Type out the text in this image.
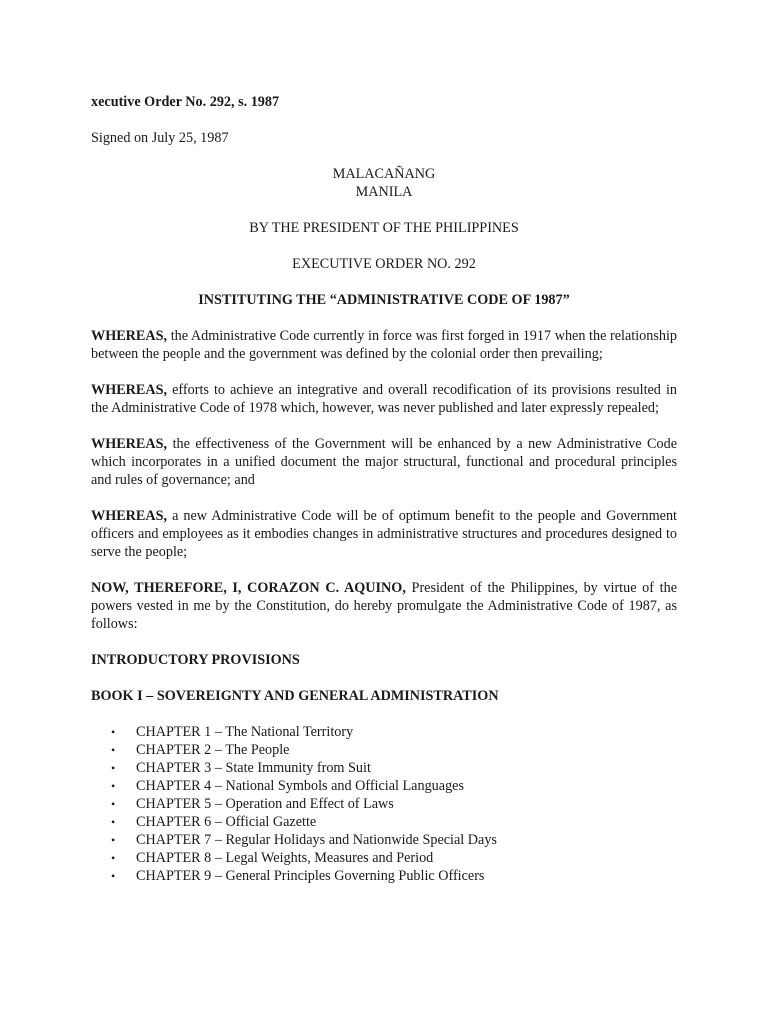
xecutive Order No. 292, s. 1987

Signed on July 25, 1987

MALACAÑANG

MANILA

BY THE PRESIDENT OF THE PHILIPPINES

EXECUTIVE ORDER NO. 292

INSTITUTING THE “ADMINISTRATIVE CODE OF 1987”

WHEREAS, the Administrative Code currently in force was first forged in 1917 when the relationship between the people and the government was defined by the colonial order then prevailing;

WHEREAS, efforts to achieve an integrative and overall recodification of its provisions resulted in the Administrative Code of 1978 which, however, was never published and later expressly repealed;

WHEREAS, the effectiveness of the Government will be enhanced by a new Administrative Code which incorporates in a unified document the major structural, functional and procedural principles and rules of governance; and

WHEREAS, a new Administrative Code will be of optimum benefit to the people and Government officers and employees as it embodies changes in administrative structures and procedures designed to serve the people;

NOW, THEREFORE, I, CORAZON C. AQUINO, President of the Philippines, by virtue of the powers vested in me by the Constitution, do hereby promulgate the Administrative Code of 1987, as follows:

INTRODUCTORY PROVISIONS

BOOK I – SOVEREIGNTY AND GENERAL ADMINISTRATION

• CHAPTER 1 – The National Territory
• CHAPTER 2 – The People
• CHAPTER 3 – State Immunity from Suit
• CHAPTER 4 – National Symbols and Official Languages
• CHAPTER 5 – Operation and Effect of Laws
• CHAPTER 6 – Official Gazette
• CHAPTER 7 – Regular Holidays and Nationwide Special Days
• CHAPTER 8 – Legal Weights, Measures and Period
• CHAPTER 9 – General Principles Governing Public Officers
